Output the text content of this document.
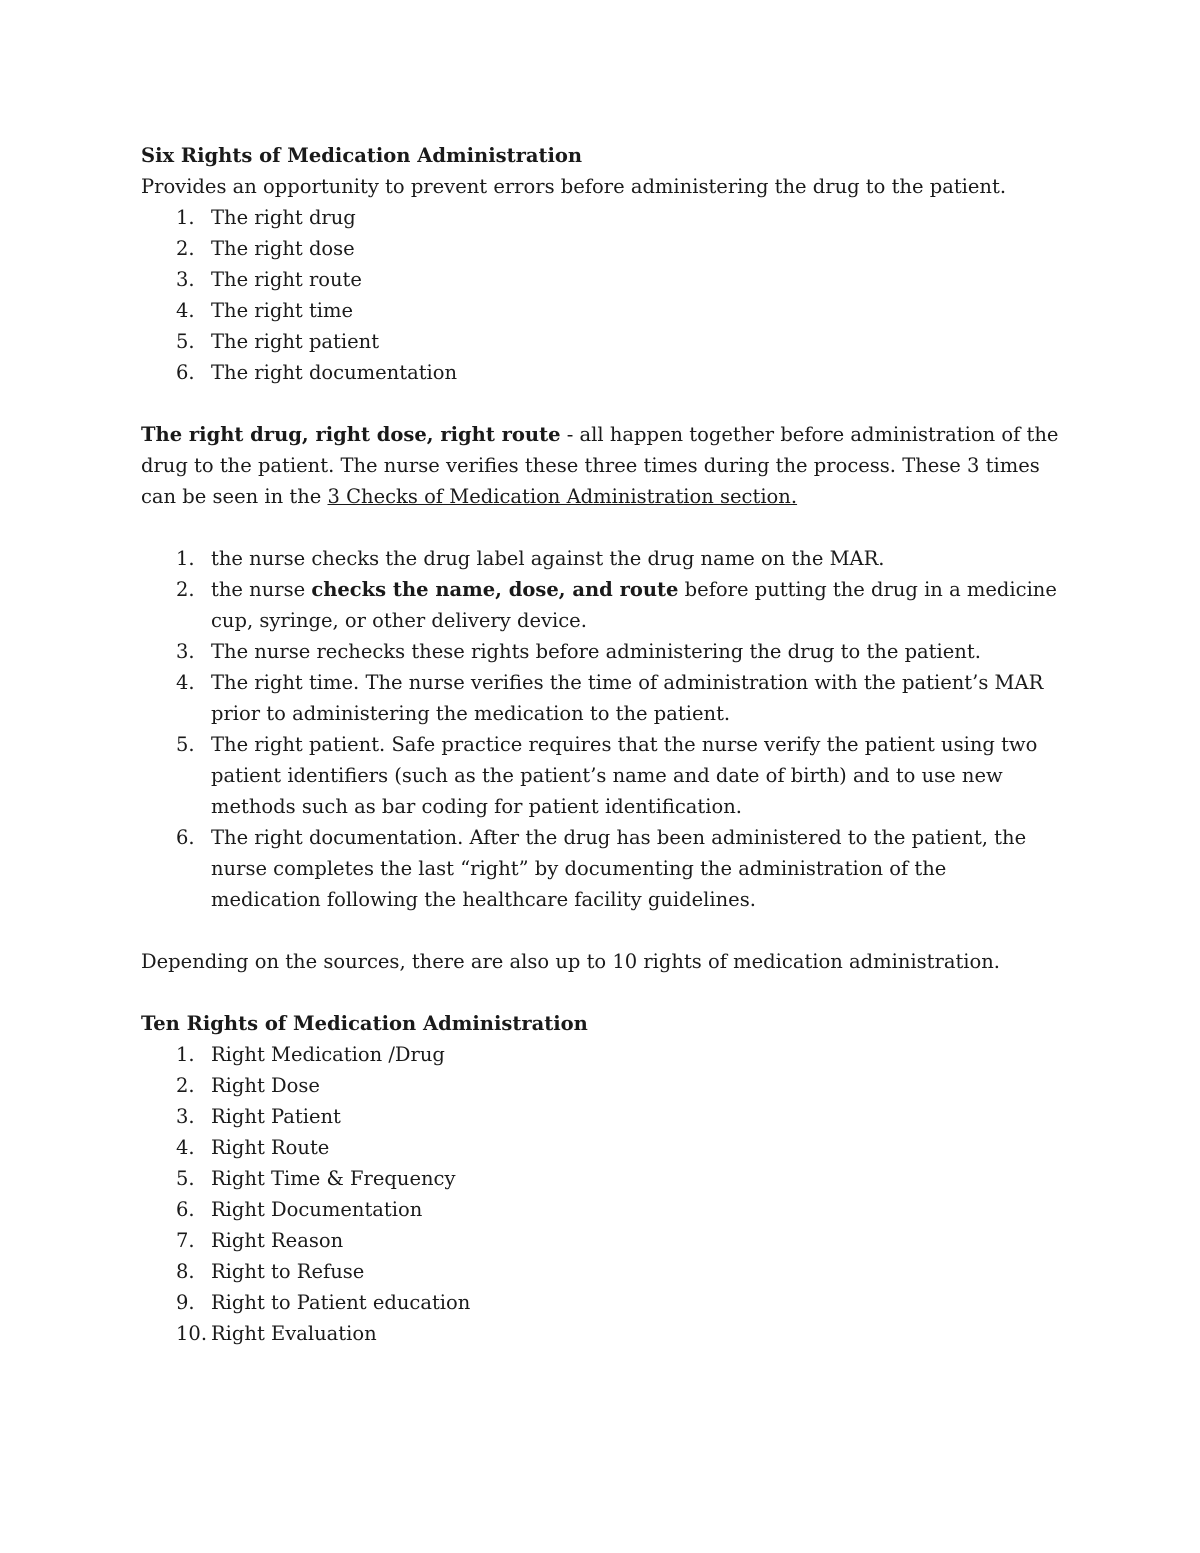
Six Rights of Medication Administration

Provides an opportunity to prevent errors before administering the drug to the patient.

1. The right drug
2. The right dose
3. The right route
4. The right time
5. The right patient
6. The right documentation

The right drug, right dose, right route - all happen together before administration of the drug to the patient. The nurse verifies these three times during the process. These 3 times can be seen in the 3 Checks of Medication Administration section.

1. the nurse checks the drug label against the drug name on the MAR.
2. the nurse checks the name, dose, and route before putting the drug in a medicine cup, syringe, or other delivery device.
3. The nurse rechecks these rights before administering the drug to the patient.
4. The right time. The nurse verifies the time of administration with the patient’s MAR prior to administering the medication to the patient.
5. The right patient. Safe practice requires that the nurse verify the patient using two patient identifiers (such as the patient’s name and date of birth) and to use new methods such as bar coding for patient identification.
6. The right documentation. After the drug has been administered to the patient, the nurse completes the last “right” by documenting the administration of the medication following the healthcare facility guidelines.

Depending on the sources, there are also up to 10 rights of medication administration.

Ten Rights of Medication Administration

1. Right Medication /Drug
2. Right Dose
3. Right Patient
4. Right Route
5. Right Time & Frequency
6. Right Documentation
7. Right Reason
8. Right to Refuse
9. Right to Patient education
10. Right Evaluation
